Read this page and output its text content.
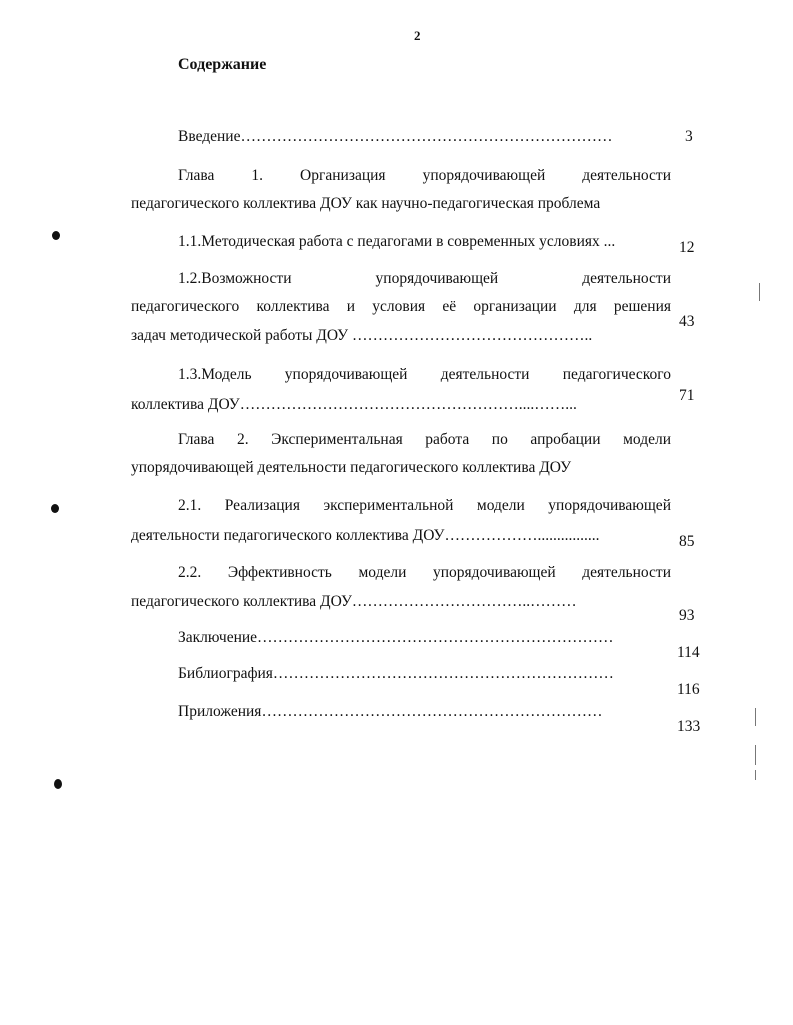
2
Содержание
Введение………………………………………………………………
Глава 1. Организация упорядочивающей деятельности
педагогического коллектива ДОУ как научно-педагогическая проблема
1.1.Методическая работа с педагогами в современных условиях ...
1.2.Возможности упорядочивающей деятельности
педагогического коллектива и условия её организации для решения
задач методической работы ДОУ ………………………………………..
1.3.Модель упорядочивающей деятельности педагогического
коллектива ДОУ………………………………………………....……...
Глава 2. Экспериментальная работа по апробации модели
упорядочивающей деятельности педагогического коллектива ДОУ
2.1. Реализация экспериментальной модели упорядочивающей
деятельности педагогического коллектива ДОУ………………................
2.2. Эффективность модели упорядочивающей деятельности
педагогического коллектива ДОУ……………………………..………
Заключение……………………………………………………………
Библиография…………………………………………………………
Приложения…………………………………………………………
3
12
43
71
85
93
114
116
133
